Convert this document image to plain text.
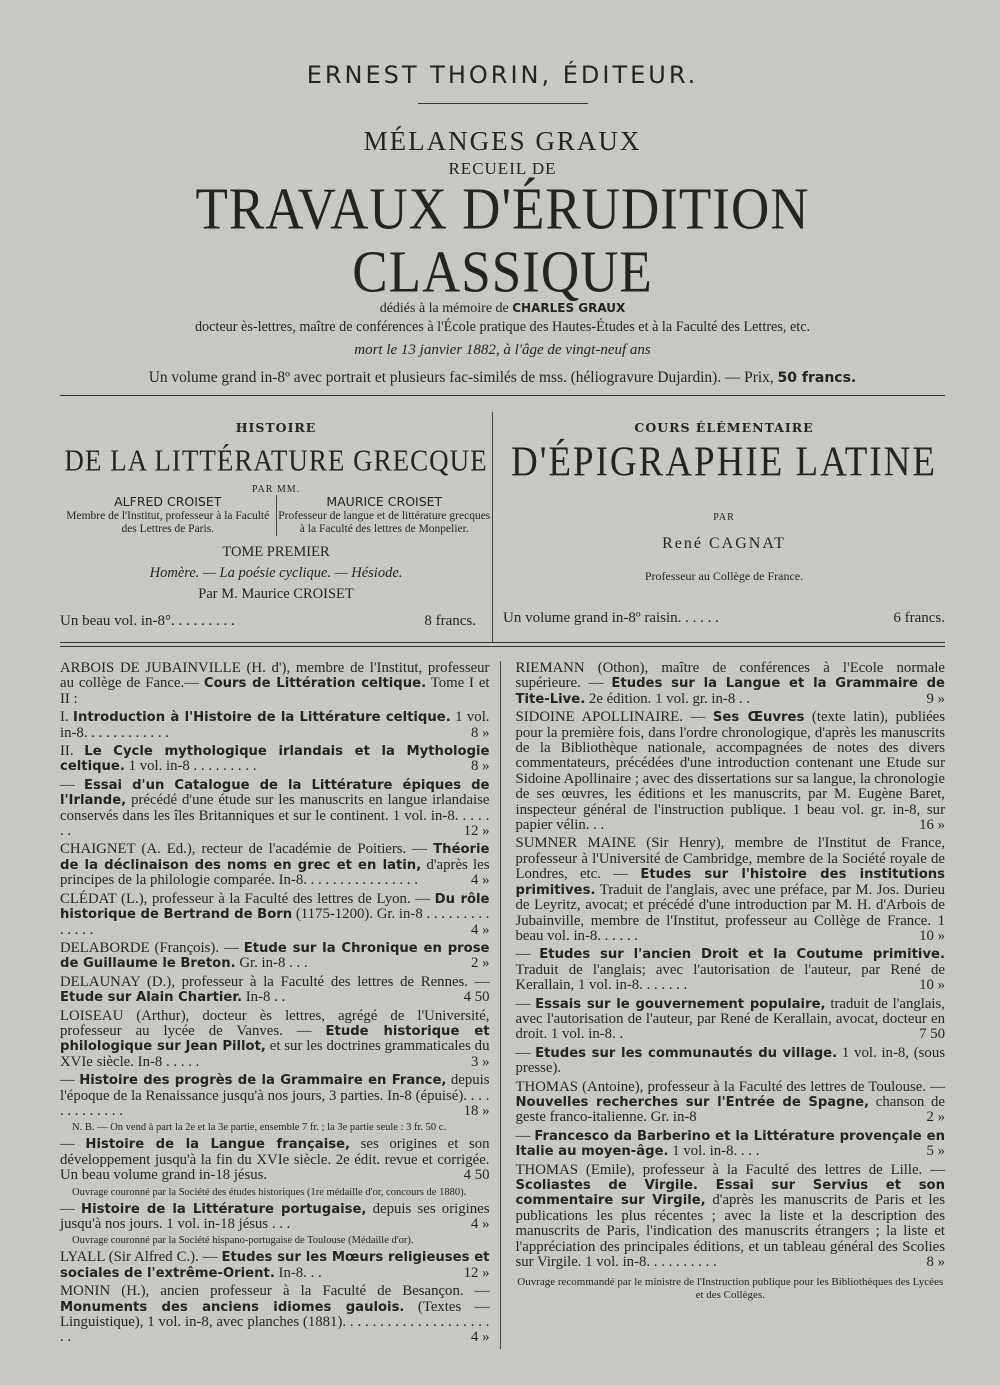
ERNEST THORIN, ÉDITEUR.
MÉLANGES GRAUX
RECUEIL DE
TRAVAUX D'ÉRUDITION CLASSIQUE
dédiés à la mémoire de CHARLES GRAUX
docteur ès-lettres, maître de conférences à l'École pratique des Hautes-Études et à la Faculté des Lettres, etc.
mort le 13 janvier 1882, à l'âge de vingt-neuf ans
Un volume grand in-8º avec portrait et plusieurs fac-similés de mss. (héliogravure Dujardin). — Prix, 50 francs.
HISTOIRE
DE LA LITTÉRATURE GRECQUE
PAR MM.
ALFRED CROISET
Membre de l'Institut, professeur à la Faculté des Lettres de Paris.
MAURICE CROISET
Professeur de langue et de littérature grecques à la Faculté des lettres de Monpelier.
TOME PREMIER
Homère. — La poésie cyclique. — Hésiode.
Par M. Maurice CROISET
Un beau vol. in-8°. . . . . . . . .	8 francs.
COURS ÉLÉMENTAIRE
D'ÉPIGRAPHIE LATINE
PAR
René CAGNAT
Professeur au Collège de France.
Un volume grand in-8º raisin. . . . . .	6 francs.
ARBOIS DE JUBAINVILLE (H. d'), membre de l'Institut, professeur au collège de Fance.— Cours de Littération celtique. Tome I et II :
I. Introduction à l'Histoire de la Littérature celtique. 1 vol. in-8. . . . . . . . . . . .	8 »
II. Le Cycle mythologique irlandais et la Mythologie celtique. 1 vol. in-8 . . . . . . . . .	8 »
— Essai d'un Catalogue de la Littérature épiques de l'Irlande, précédé d'une étude sur les manuscrits en langue irlandaise conservés dans les îles Britanniques et sur le continent. 1 vol. in-8. . . . . . .	12 »
CHAIGNET (A. Ed.), recteur de l'académie de Poitiers. — Théorie de la déclinaison des noms en grec et en latin, d'après les principes de la philologie comparée. In-8. . . . . . . . . . . . . . . .	4 »
CLÉDAT (L.), professeur à la Faculté des lettres de Lyon. — Du rôle historique de Bertrand de Born (1175-1200). Gr. in-8 . . . . . . . . . . . . . .	4 »
DELABORDE (François). — Etude sur la Chronique en prose de Guillaume le Breton. Gr. in-8 . . .	2 »
DELAUNAY (D.), professeur à la Faculté des lettres de Rennes. — Etude sur Alain Chartier. In-8 . .	4 50
LOISEAU (Arthur), docteur ès lettres, agrégé de l'Université, professeur au lycée de Vanves. — Etude historique et philologique sur Jean Pillot, et sur les doctrines grammaticales du XVIe siècle. In-8 . . . . .	3 »
— Histoire des progrès de la Grammaire en France, depuis l'époque de la Renaissance jusqu'à nos jours, 3 parties. In-8 (épuisé). . . . . . . . . . . . .	18 »
N. B. — On vend à part la 2e et la 3e partie, ensemble 7 fr. ; la 3e partie seule : 3 fr. 50 c.
— Histoire de la Langue française, ses origines et son développement jusqu'à la fin du XVIe siècle. 2e édit. revue et corrigée. Un beau volume grand in-18 jésus.	4 50
Ouvrage couronné par la Société des études historiques (1re médaille d'or, concours de 1880).
— Histoire de la Littérature portugaise, depuis ses origines jusqu'à nos jours. 1 vol. in-18 jésus . . .	4 »
Ouvrage couronné par la Société hispano-portugaise de Toulouse (Médaille d'or).
LYALL (Sir Alfred C.). — Etudes sur les Mœurs religieuses et sociales de l'extrême-Orient. In-8. . .	12 »
MONIN (H.), ancien professeur à la Faculté de Besançon. — Monuments des anciens idiomes gaulois. (Textes — Linguistique), 1 vol. in-8, avec planches (1881). . . . . . . . . . . . . . . . . . . . . .	4 »
RIEMANN (Othon), maître de conférences à l'Ecole normale supérieure. — Etudes sur la Langue et la Grammaire de Tite-Live. 2e édition. 1 vol. gr. in-8 . .	9 »
SIDOINE APOLLINAIRE. — Ses Œuvres (texte latin), publiées pour la première fois, dans l'ordre chronologique, d'après les manuscrits de la Bibliothèque nationale, accompagnées de notes des divers commentateurs, précédées d'une introduction contenant une Etude sur Sidoine Apollinaire ; avec des dissertations sur sa langue, la chronologie de ses œuvres, les éditions et les manuscrits, par M. Eugène Baret, inspecteur général de l'instruction publique. 1 beau vol. gr. in-8, sur papier vélin. . .	16 »
SUMNER MAINE (Sir Henry), membre de l'Institut de France, professeur à l'Université de Cambridge, membre de la Société royale de Londres, etc. — Etudes sur l'histoire des institutions primitives. Traduit de l'anglais, avec une préface, par M. Jos. Durieu de Leyritz, avocat; et précédé d'une introduction par M. H. d'Arbois de Jubainville, membre de l'Institut, professeur au Collège de France. 1 beau vol. in-8. . . . . .	10 »
— Etudes sur l'ancien Droit et la Coutume primitive. Traduit de l'anglais; avec l'autorisation de l'auteur, par René de Kerallain, 1 vol. in-8. . . . . . .	10 »
— Essais sur le gouvernement populaire, traduit de l'anglais, avec l'autorisation de l'auteur, par René de Kerallain, avocat, docteur en droit. 1 vol. in-8. .	7 50
— Etudes sur les communautés du village. 1 vol. in-8, (sous presse).
THOMAS (Antoine), professeur à la Faculté des lettres de Toulouse. — Nouvelles recherches sur l'Entrée de Spagne, chanson de geste franco-italienne. Gr. in-8	2 »
— Francesco da Barberino et la Littérature provençale en Italie au moyen-âge. 1 vol. in-8. . . .	5 »
THOMAS (Emile), professeur à la Faculté des lettres de Lille. — Scoliastes de Virgile. Essai sur Servius et son commentaire sur Virgile, d'après les manuscrits de Paris et les publications les plus récentes ; avec la liste et la description des manuscrits de Paris, l'indication des manuscrits étrangers ; la liste et l'appréciation des principales éditions, et un tableau général des Scolies sur Virgile. 1 vol. in-8. . . . . . . . . .	8 »
Ouvrage recommandé par le ministre de l'Instruction publique pour les Bibliothèques des Lycées et des Collèges.
